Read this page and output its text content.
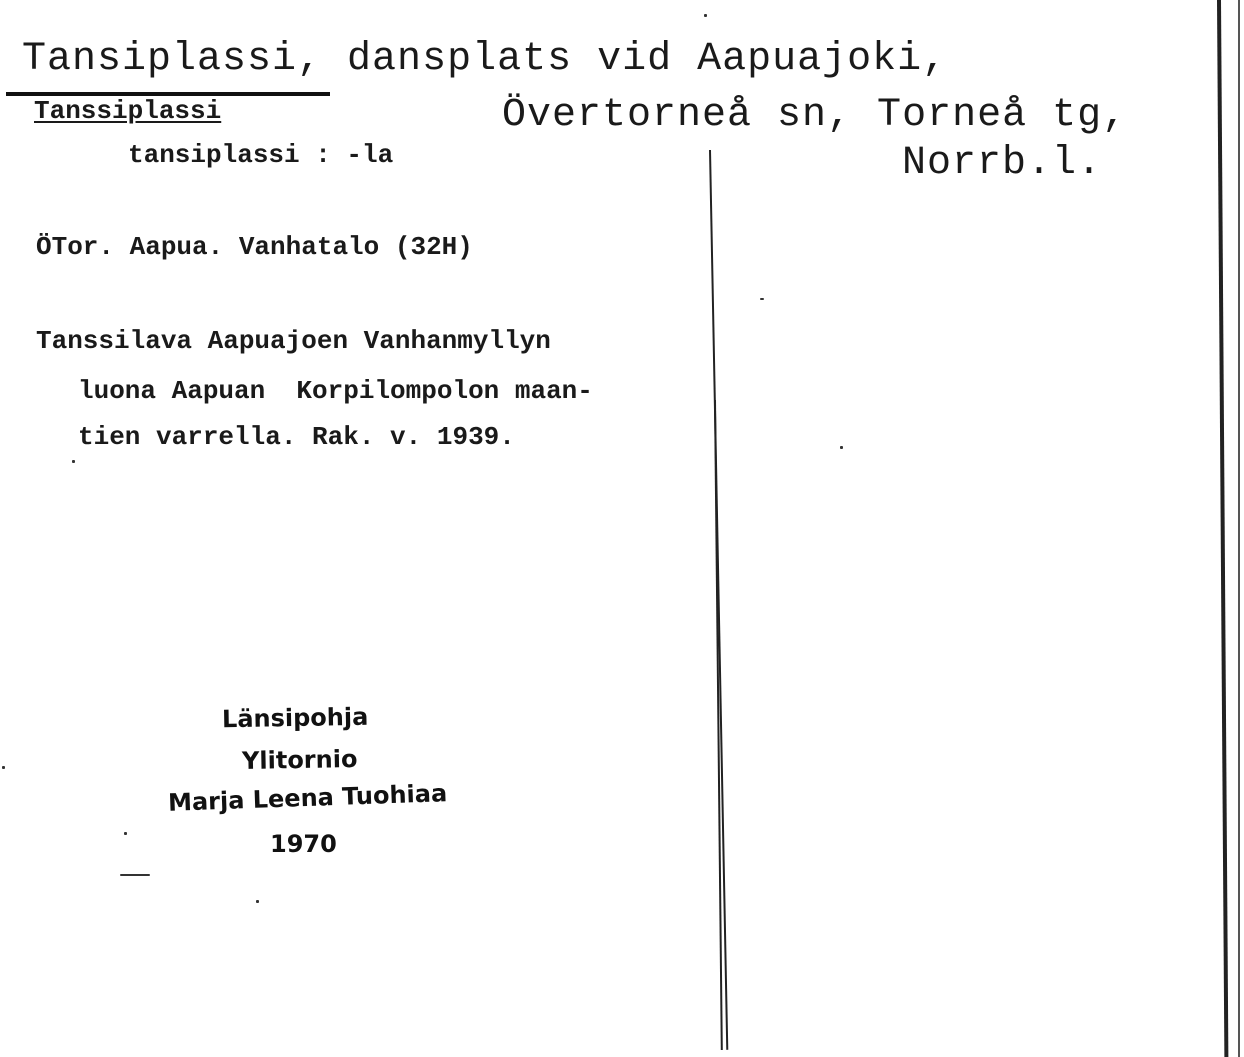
Tansiplassi, dansplats vid Aapuajoki,
Övertorneå sn, Torneå tg,
Norrb.l.
Tanssiplassi
tansiplassi : -la
ÖTor. Aapua. Vanhatalo (32H)
Tanssilava Aapuajoen Vanhanmyllyn
luona Aapuan  Korpilompolon maan-
tien varrella. Rak. v. 1939.
Länsipohja
Ylitornio
Marja Leena Tuohiaa
1970
